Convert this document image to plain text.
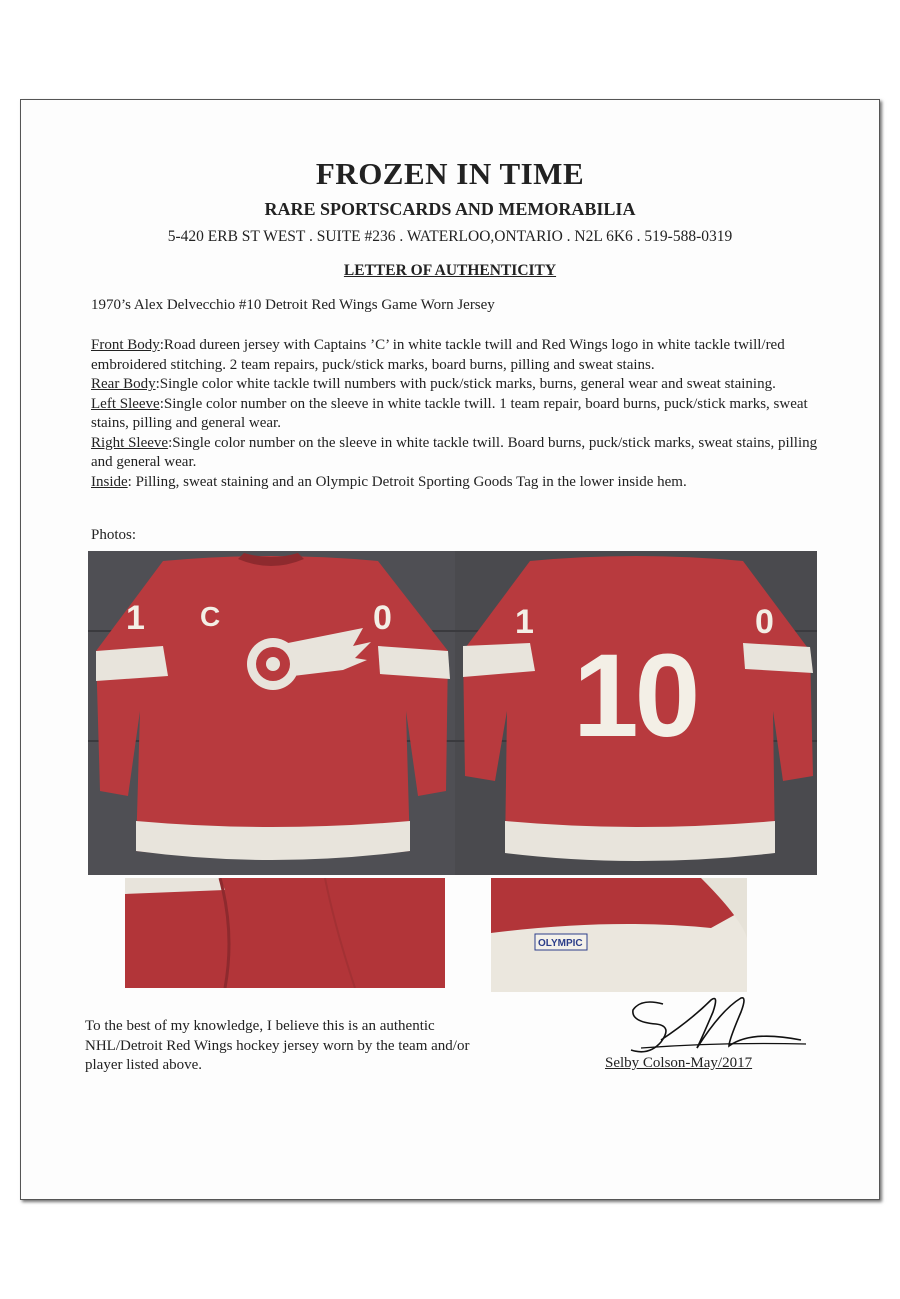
FROZEN IN TIME
RARE SPORTSCARDS AND MEMORABILIA
5-420 ERB ST WEST . SUITE #236 . WATERLOO,ONTARIO . N2L 6K6 . 519-588-0319
LETTER OF AUTHENTICITY
1970’s Alex Delvecchio #10 Detroit Red Wings Game Worn Jersey

Front Body:Road dureen jersey with Captains ’C’ in white tackle twill and Red Wings logo in white tackle twill/red embroidered stitching. 2 team repairs, puck/stick marks, board burns, pilling and sweat stains.

Rear Body:Single color white tackle twill numbers with puck/stick marks, burns, general wear and sweat staining.

Left Sleeve:Single color number on the sleeve in white tackle twill. 1 team repair, board burns, puck/stick marks, sweat stains, pilling and general wear.

Right Sleeve:Single color number on the sleeve in white tackle twill. Board burns, puck/stick marks, sweat stains, pilling and general wear.

Inside: Pilling, sweat staining and an Olympic Detroit Sporting Goods Tag in the lower inside hem.

Photos:
1 C	0
10
1	0
OLYMPIC
To the best of my knowledge, I believe this is an authentic NHL/Detroit Red Wings hockey jersey worn by the team and/or player listed above.	Selby Colson-May/2017
